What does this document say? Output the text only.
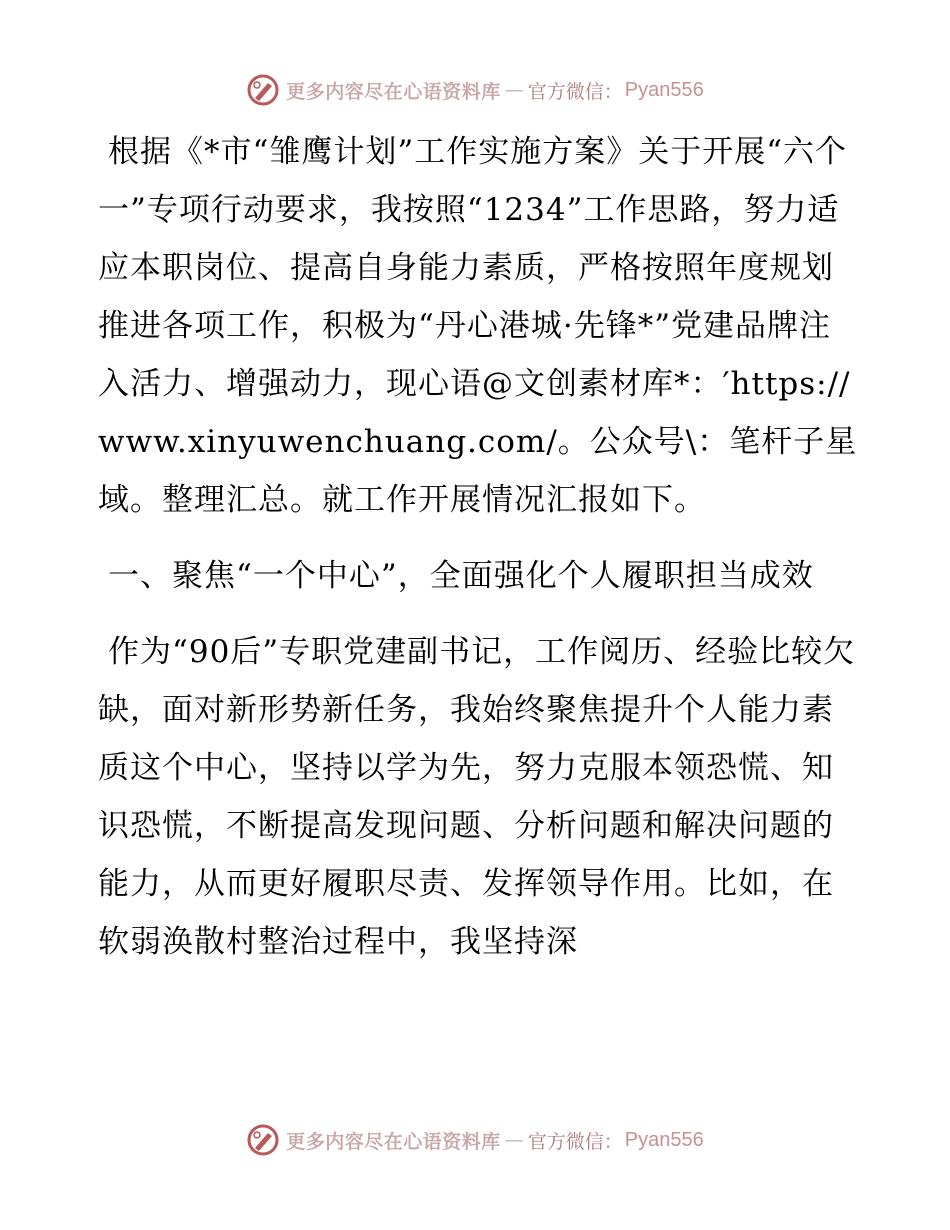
更多内容尽在心语资料库 — 官方微信： Pyan556

根据《*市“雏鹰计划”工作实施方案》关于开展“六个一”专项行动要求，我按照“1234”工作思路，努力适应本职岗位、提高自身能力素质，严格按照年度规划推进各项工作，积极为“丹心港城·先锋*”党建品牌注入活力、增强动力，现心语@文创素材库*：′https://www.xinyuwenchuang.com/。公众号\：笔杆子星域。整理汇总。就工作开展情况汇报如下。

一、聚焦“一个中心”，全面强化个人履职担当成效

作为“90后”专职党建副书记，工作阅历、经验比较欠缺，面对新形势新任务，我始终聚焦提升个人能力素质这个中心，坚持以学为先，努力克服本领恐慌、知识恐慌，不断提高发现问题、分析问题和解决问题的能力，从而更好履职尽责、发挥领导作用。比如，在软弱涣散村整治过程中，我坚持深

更多内容尽在心语资料库 — 官方微信： Pyan556
